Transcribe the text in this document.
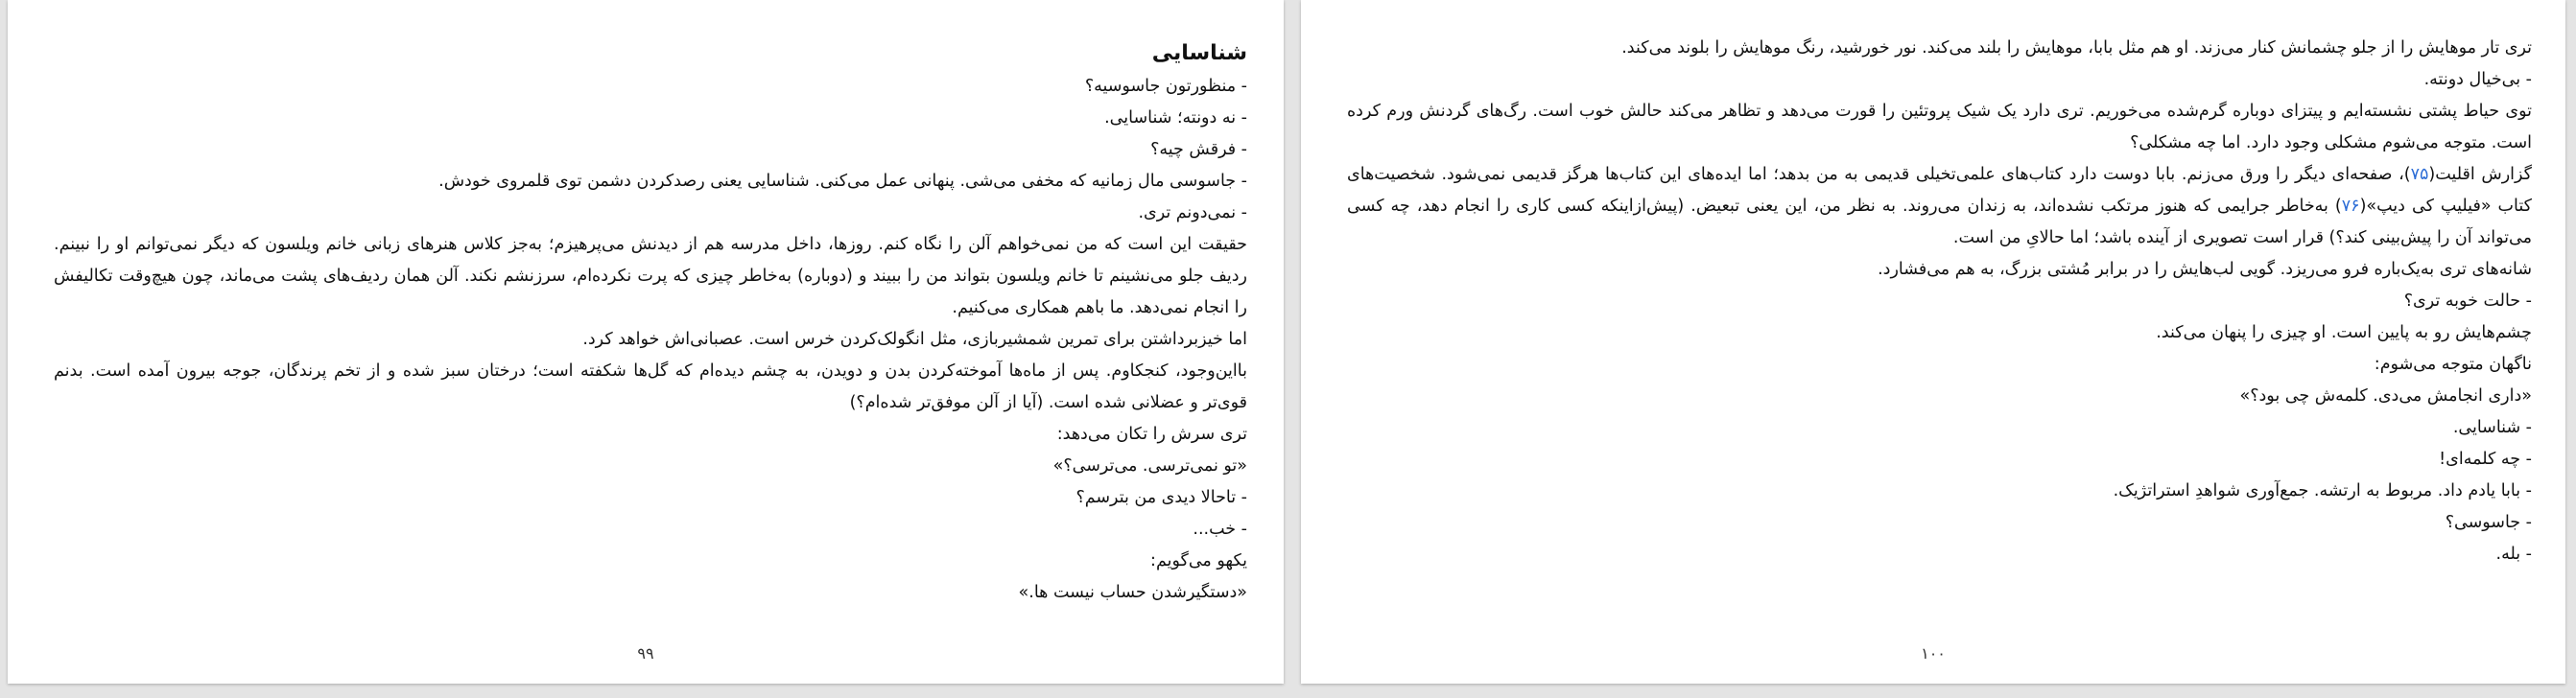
شناسایی

- منظورتون جاسوسیه؟

- نه دونته؛ شناسایی.

- فرقش چیه؟

- جاسوسی مال زمانیه که مخفی می‌شی. پنهانی عمل می‌کنی. شناسایی یعنی رصدکردن دشمن توی قلمروی خودش.

- نمی‌دونم تری.

حقیقت این است که من نمی‌خواهم آلن را نگاه کنم. روزها، داخل مدرسه هم از دیدنش می‌پرهیزم؛ به‌جز کلاس هنرهای زبانی خانم ویلسون که دیگر نمی‌توانم او را نبینم. ردیف جلو می‌نشینم تا خانم ویلسون بتواند من را ببیند و (دوباره) به‌خاطر چیزی که پرت نکرده‌ام، سرزنشم نکند. آلن همان ردیف‌های پشت می‌ماند، چون هیچ‌وقت تکالیفش را انجام نمی‌دهد. ما باهم همکاری می‌کنیم.

اما خیزبرداشتن برای تمرین شمشیربازی، مثل انگولک‌کردن خرس است. عصبانی‌اش خواهد کرد.

بااین‌وجود، کنجکاوم. پس از ماه‌ها آموخته‌کردن بدن و دویدن، به چشم دیده‌ام که گل‌ها شکفته است؛ درختان سبز شده و از تخم پرندگان، جوجه بیرون آمده است. بدنم قوی‌تر و عضلانی شده است. (آیا از آلن موفق‌تر شده‌ام؟)

تری سرش را تکان می‌دهد:

«تو نمی‌ترسی. می‌ترسی؟»

- تاحالا دیدی من بترسم؟

- خب...

یکهو می‌گویم:

«دستگیرشدن حساب نیست ها.»

۹۹

تری تار موهایش را از جلو چشمانش کنار می‌زند. او هم مثل بابا، موهایش را بلند می‌کند. نور خورشید، رنگ موهایش را بلوند می‌کند.

- بی‌خیال دونته.

توی حیاط پشتی نشسته‌ایم و پیتزای دوباره گرم‌شده می‌خوریم. تری دارد یک شیک پروتئین را قورت می‌دهد و تظاهر می‌کند حالش خوب است. رگ‌های گردنش ورم کرده است. متوجه می‌شوم مشکلی وجود دارد. اما چه مشکلی؟

گزارش اقلیت(۷۵)، صفحه‌ای دیگر را ورق می‌زنم. بابا دوست دارد کتاب‌های علمی‌تخیلی قدیمی به من بدهد؛ اما ایده‌های این کتاب‌ها هرگز قدیمی نمی‌شود. شخصیت‌های کتاب «فیلیپ کی دیپ»(۷۶) به‌خاطر جرایمی که هنوز مرتکب نشده‌اند، به زندان می‌روند. به نظر من، این یعنی تبعیض. (پیش‌ازاینکه کسی کاری را انجام دهد، چه کسی می‌تواند آن را پیش‌بینی کند؟) قرار است تصویری از آینده باشد؛ اما حالایِ من است.

شانه‌های تری به‌یک‌باره فرو می‌ریزد. گویی لب‌هایش را در برابر مُشتی بزرگ، به هم می‌فشارد.

- حالت خوبه تری؟

چشم‌هایش رو به پایین است. او چیزی را پنهان می‌کند.

ناگهان متوجه می‌شوم:

«داری انجامش می‌دی. کلمه‌ش چی بود؟»

- شناسایی.

- چه کلمه‌ای!

- بابا یادم داد. مربوط به ارتشه. جمع‌آوری شواهدِ استراتژیک.

- جاسوسی؟

- بله.

۱۰۰
